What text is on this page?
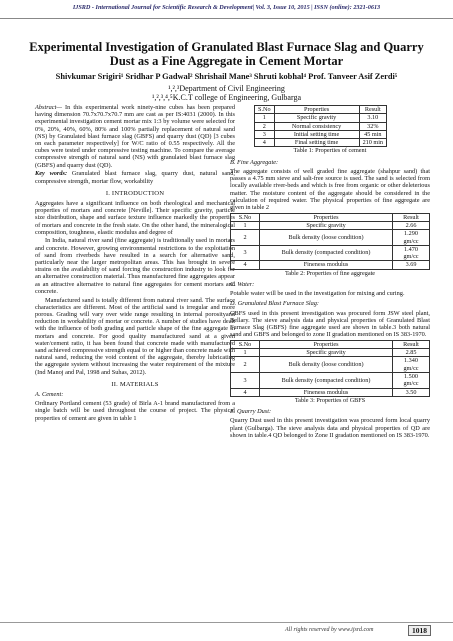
IJSRD - International Journal for Scientific Research & Development| Vol. 3, Issue 10, 2015 | ISSN (online): 2321-0613
Experimental Investigation of Granulated Blast Furnace Slag and Quarry Dust as a Fine Aggregate in Cement Mortar
Shivkumar Srigiri¹ Sridhar P Gadwal² Shrishail Mane³ Shruti kobhal⁴ Prof. Tanveer Asif Zerdi⁵
¹,²,³Department of Civil Engineering
¹,²,³,⁴,⁵K.C.T college of Engineering, Gulbarga

Abstract— In this experimental work ninety-nine cubes has been prepared having dimension 70.7x70.7x70.7 mm are cast as per IS:4031 (2000). In this experimental investigation cement mortar mix 1:3 by volume were selected for 0%, 20%, 40%, 60%, 80% and 100% partially replacement of natural sand (NS) by Granulated blast furnace slag (GBFS) and quarry dust (QD) [3 cubes on each parameter respectively] for W/C ratio of 0.55 respectively. All the cubes were tested under compressive testing machine. To compare the average compressive strength of natural sand (NS) with granulated blast furnace slag (GBFS) and quarry dust (QD).

Key words: Granulated blast furnace slag, quarry dust, natural sand, compressive strength, mortar flow, workability

I. INTRODUCTION

Aggregates have a significant influence on both rheological and mechanical properties of mortars and concrete [Neville]. Their specific gravity, particle size distribution, shape and surface texture influence markedly the properties of mortars and concrete in the fresh state. On the other hand, the mineralogical composition, toughness, elastic modulus and degree of

In India, natural river sand (fine aggregate) is traditionally used in mortars and concrete. However, growing environmental restrictions to the exploitation of sand from riverbeds have resulted in a search for alternative sand, particularly near the larger metropolitan areas. This has brought in severe strains on the availability of sand forcing the construction industry to look for an alternative construction material. Thus manufactured fine aggregates appear as an attractive alternative to natural fine aggregates for cement mortars and concrete.

Manufactured sand is totally different from natural river sand. The surface characteristics are different. Most of the artificial sand is irregular and more porous. Grading will vary over wide range resulting in internal porosityand reduction in workability of mortar or concrete. A number of studies have dealt with the influence of both grading and particle shape of the fine aggregate in mortars and concrete. For good quality manufactured sand at a given water/cement ratio, it has been found that concrete made with manufactured sand achieved compressive strength equal to or higher than concrete made with natural sand, reducing the void content of the aggregate, thereby lubricating the aggregate system without increasing the water requirement of the mixture (Ind Manoj and Pal, 1998 and Suhas, 2012).

II. MATERIALS
A. Cement:

Ordinary Portland cement (53 grade) of Birla A-1 brand manufactured from a single batch will be used throughout the course of project. The physical properties of cement are given in table 1

S.No	Properties	Result
1	Specific gravity	3.10
2	Normal consistency	32%
3	Initial setting time	45 min
4	Final setting time	210 min
Table 1: Properties of cement
B. Fine Aggregate:

The aggregate consists of well graded fine aggregate (shahpur sand) that passes a 4.75 mm sieve and salt-free source is used. The sand is selected from locally available river-beds and which is free from organic or other deleterious matter. The moisture content of the aggregate should be considered in the calculation of required water. The physical properties of fine aggregate are given in table 2

S.No	Properties	Result
1	Specific gravity	2.66
2	Bulk density (loose condition)	1.290 gm/cc
3	Bulk density (compacted condition)	1.470 gm/cc
4	Fineness modulus	3.69
Table 2: Properties of fine aggregate
C. Water:

Potable water will be used in the investigation for mixing and curing.

D. Granulated Blast Furnace Slag:

GBFS used in this present investigation was procured form JSW steel plant, Bellary. The sieve analysis data and physical properties of Granulated Blast Furnace Slag (GBFS) fine aggregate used are shown in table.3 both natural sand and GBFS and belonged to zone II gradation mentioned on IS 383-1970.

S.No	Properties	Result
1	Specific gravity	2.85
2	Bulk density (loose condition)	1.340 gm/cc
3	Bulk density (compacted condition)	1.500 gm/cc
4	Fineness modulus	3.50
Table 3: Properties of GBFS
E. Quarry Dust:

Quarry Dust used in this present investigation was procured form local quarry plant (Gulbarga). The sieve analysis data and physical properties of QD are shown in table.4 QD belonged to Zone II gradation mentioned on IS 383-1970.

All rights reserved by www.ijsrd.com	1018
